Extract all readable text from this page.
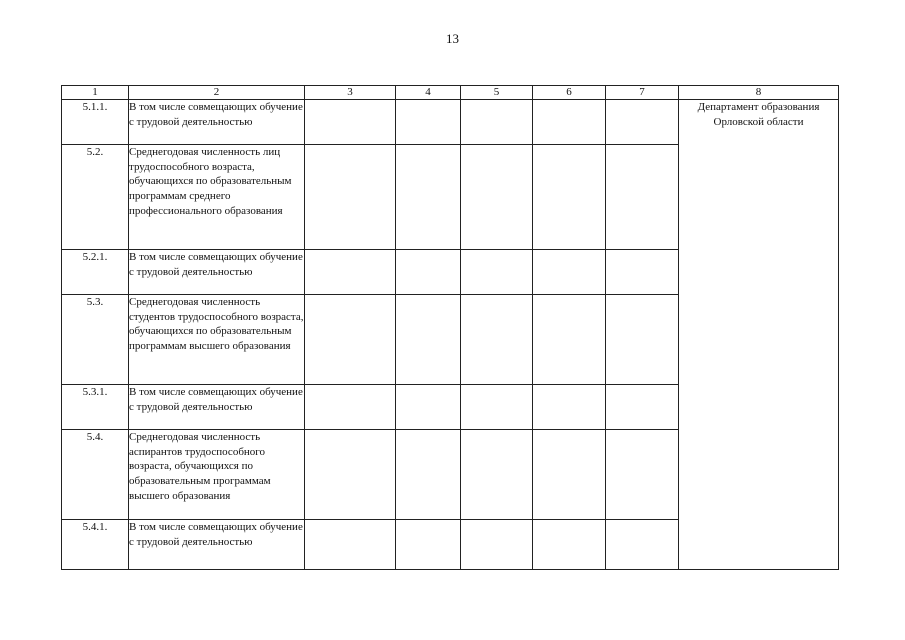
13
1	2	3	4	5	6	7	8
5.1.1.	В том числе совмещающих обучение с трудовой деятельностью						Департамент образования Орловской области
5.2.	Среднегодовая численность лиц трудоспособного возраста, обучающихся по образовательным программам среднего профессионального образования						
5.2.1.	В том числе совмещающих обучение с трудовой деятельностью						
5.3.	Среднегодовая численность студентов трудоспособного возраста, обучающихся по образовательным программам высшего образования						
5.3.1.	В том числе совмещающих обучение с трудовой деятельностью						
5.4.	Среднегодовая численность аспирантов трудоспособного возраста, обучающихся по образовательным программам высшего образования						
5.4.1.	В том числе совмещающих обучение с трудовой деятельностью						
